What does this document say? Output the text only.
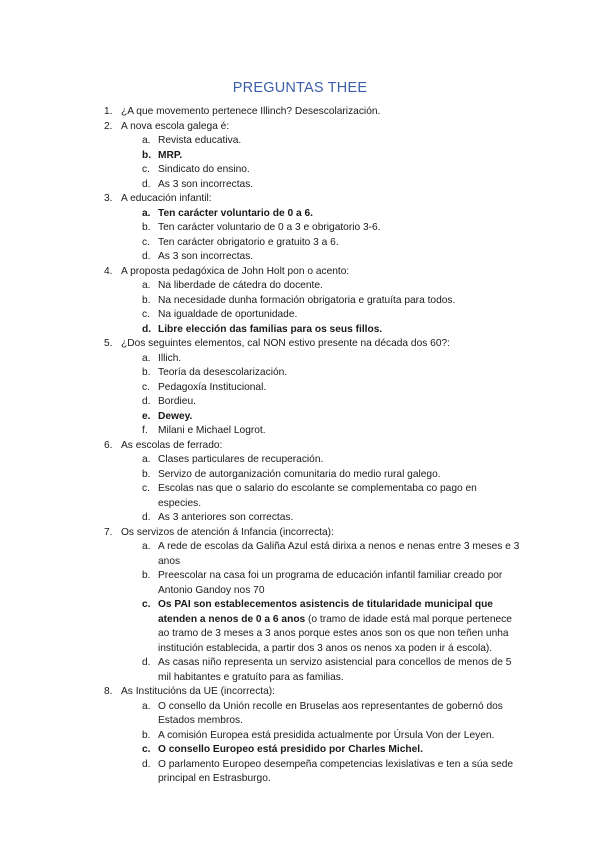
PREGUNTAS THEE
1. ¿A que movemento pertenece Illinch? Desescolarización.
2. A nova escola galega é:
a. Revista educativa.
b. MRP.
c. Sindicato do ensino.
d. As 3 son incorrectas.
3. A educación infantil:
a. Ten carácter voluntario de 0 a 6.
b. Ten carácter voluntario de 0 a 3 e obrigatorio 3-6.
c. Ten carácter obrigatorio e gratuito 3 a 6.
d. As 3 son incorrectas.
4. A proposta pedagóxica de John Holt pon o acento:
a. Na liberdade de cátedra do docente.
b. Na necesidade dunha formación obrigatoria e gratuíta para todos.
c. Na igualdade de oportunidade.
d. Libre elección das familias para os seus fillos.
5. ¿Dos seguintes elementos, cal NON estivo presente na década dos 60?:
a. Illich.
b. Teoría da desescolarización.
c. Pedagoxía Institucional.
d. Bordieu.
e. Dewey.
f. Milani e Michael Logrot.
6. As escolas de ferrado:
a. Clases particulares de recuperación.
b. Servizo de autorganización comunitaria do medio rural galego.
c. Escolas nas que o salario do escolante se complementaba co pago en especies.
d. As 3 anteriores son correctas.
7. Os servizos de atención á Infancia (incorrecta):
a. A rede de escolas da Galiña Azul está dirixa a nenos e nenas entre 3 meses e 3 anos
b. Preescolar na casa foi un programa de educación infantil familiar creado por Antonio Gandoy nos 70
c. Os PAI son establecementos asistencis de titularidade municipal que atenden a nenos de 0 a 6 anos (o tramo de idade está mal porque pertenece ao tramo de 3 meses a 3 anos porque estes anos son os que non teñen unha institución establecida, a partir dos 3 anos os nenos xa poden ir á escola).
d. As casas niño representa un servizo asistencial para concellos de menos de 5 mil habitantes e gratuíto para as familias.
8. As Institucións da UE (incorrecta):
a. O consello da Unión recolle en Bruselas aos representantes de gobernó dos Estados membros.
b. A comisión Europea está presidida actualmente por Úrsula Von der Leyen.
c. O consello Europeo está presidido por Charles Michel.
d. O parlamento Europeo desempeña competencias lexislativas e ten a súa sede principal en Estrasburgo.
